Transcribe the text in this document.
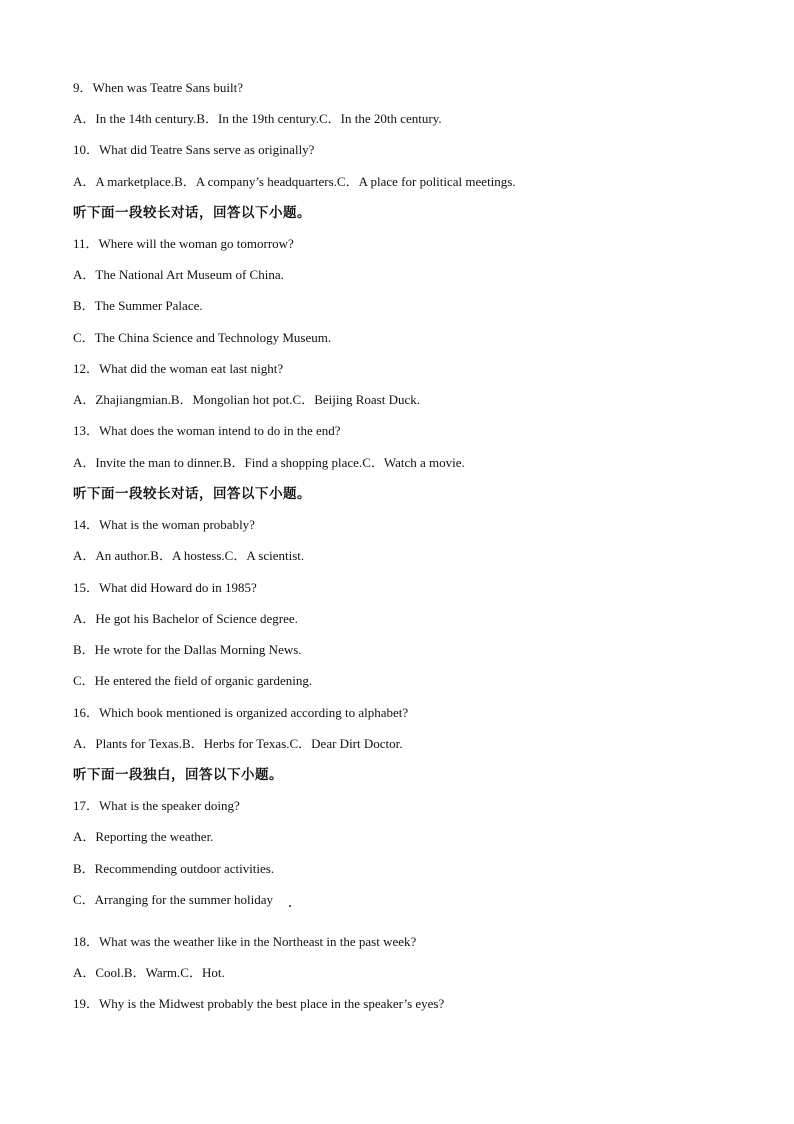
9．When was Teatre Sans built?
A．In the 14th century.B．In the 19th century.C．In the 20th century.
10．What did Teatre Sans serve as originally?
A．A marketplace.B．A company’s headquarters.C．A place for political meetings.
听下面一段较长对话，回答以下小题。
11．Where will the woman go tomorrow?
A．The National Art Museum of China.
B．The Summer Palace.
C．The China Science and Technology Museum.
12．What did the woman eat last night?
A．Zhajiangmian.B．Mongolian hot pot.C．Beijing Roast Duck.
13．What does the woman intend to do in the end?
A．Invite the man to dinner.B．Find a shopping place.C．Watch a movie.
听下面一段较长对话，回答以下小题。
14．What is the woman probably?
A．An author.B．A hostess.C．A scientist.
15．What did Howard do in 1985?
A．He got his Bachelor of Science degree.
B．He wrote for the Dallas Morning News.
C．He entered the field of organic gardening.
16．Which book mentioned is organized according to alphabet?
A．Plants for Texas.B．Herbs for Texas.C．Dear Dirt Doctor.
听下面一段独白，回答以下小题。
17．What is the speaker doing?
A．Reporting the weather.
B．Recommending outdoor activities.
C．Arranging for the summer holiday
18．What was the weather like in the Northeast in the past week?
A．Cool.B．Warm.C．Hot.
19．Why is the Midwest probably the best place in the speaker’s eyes?
